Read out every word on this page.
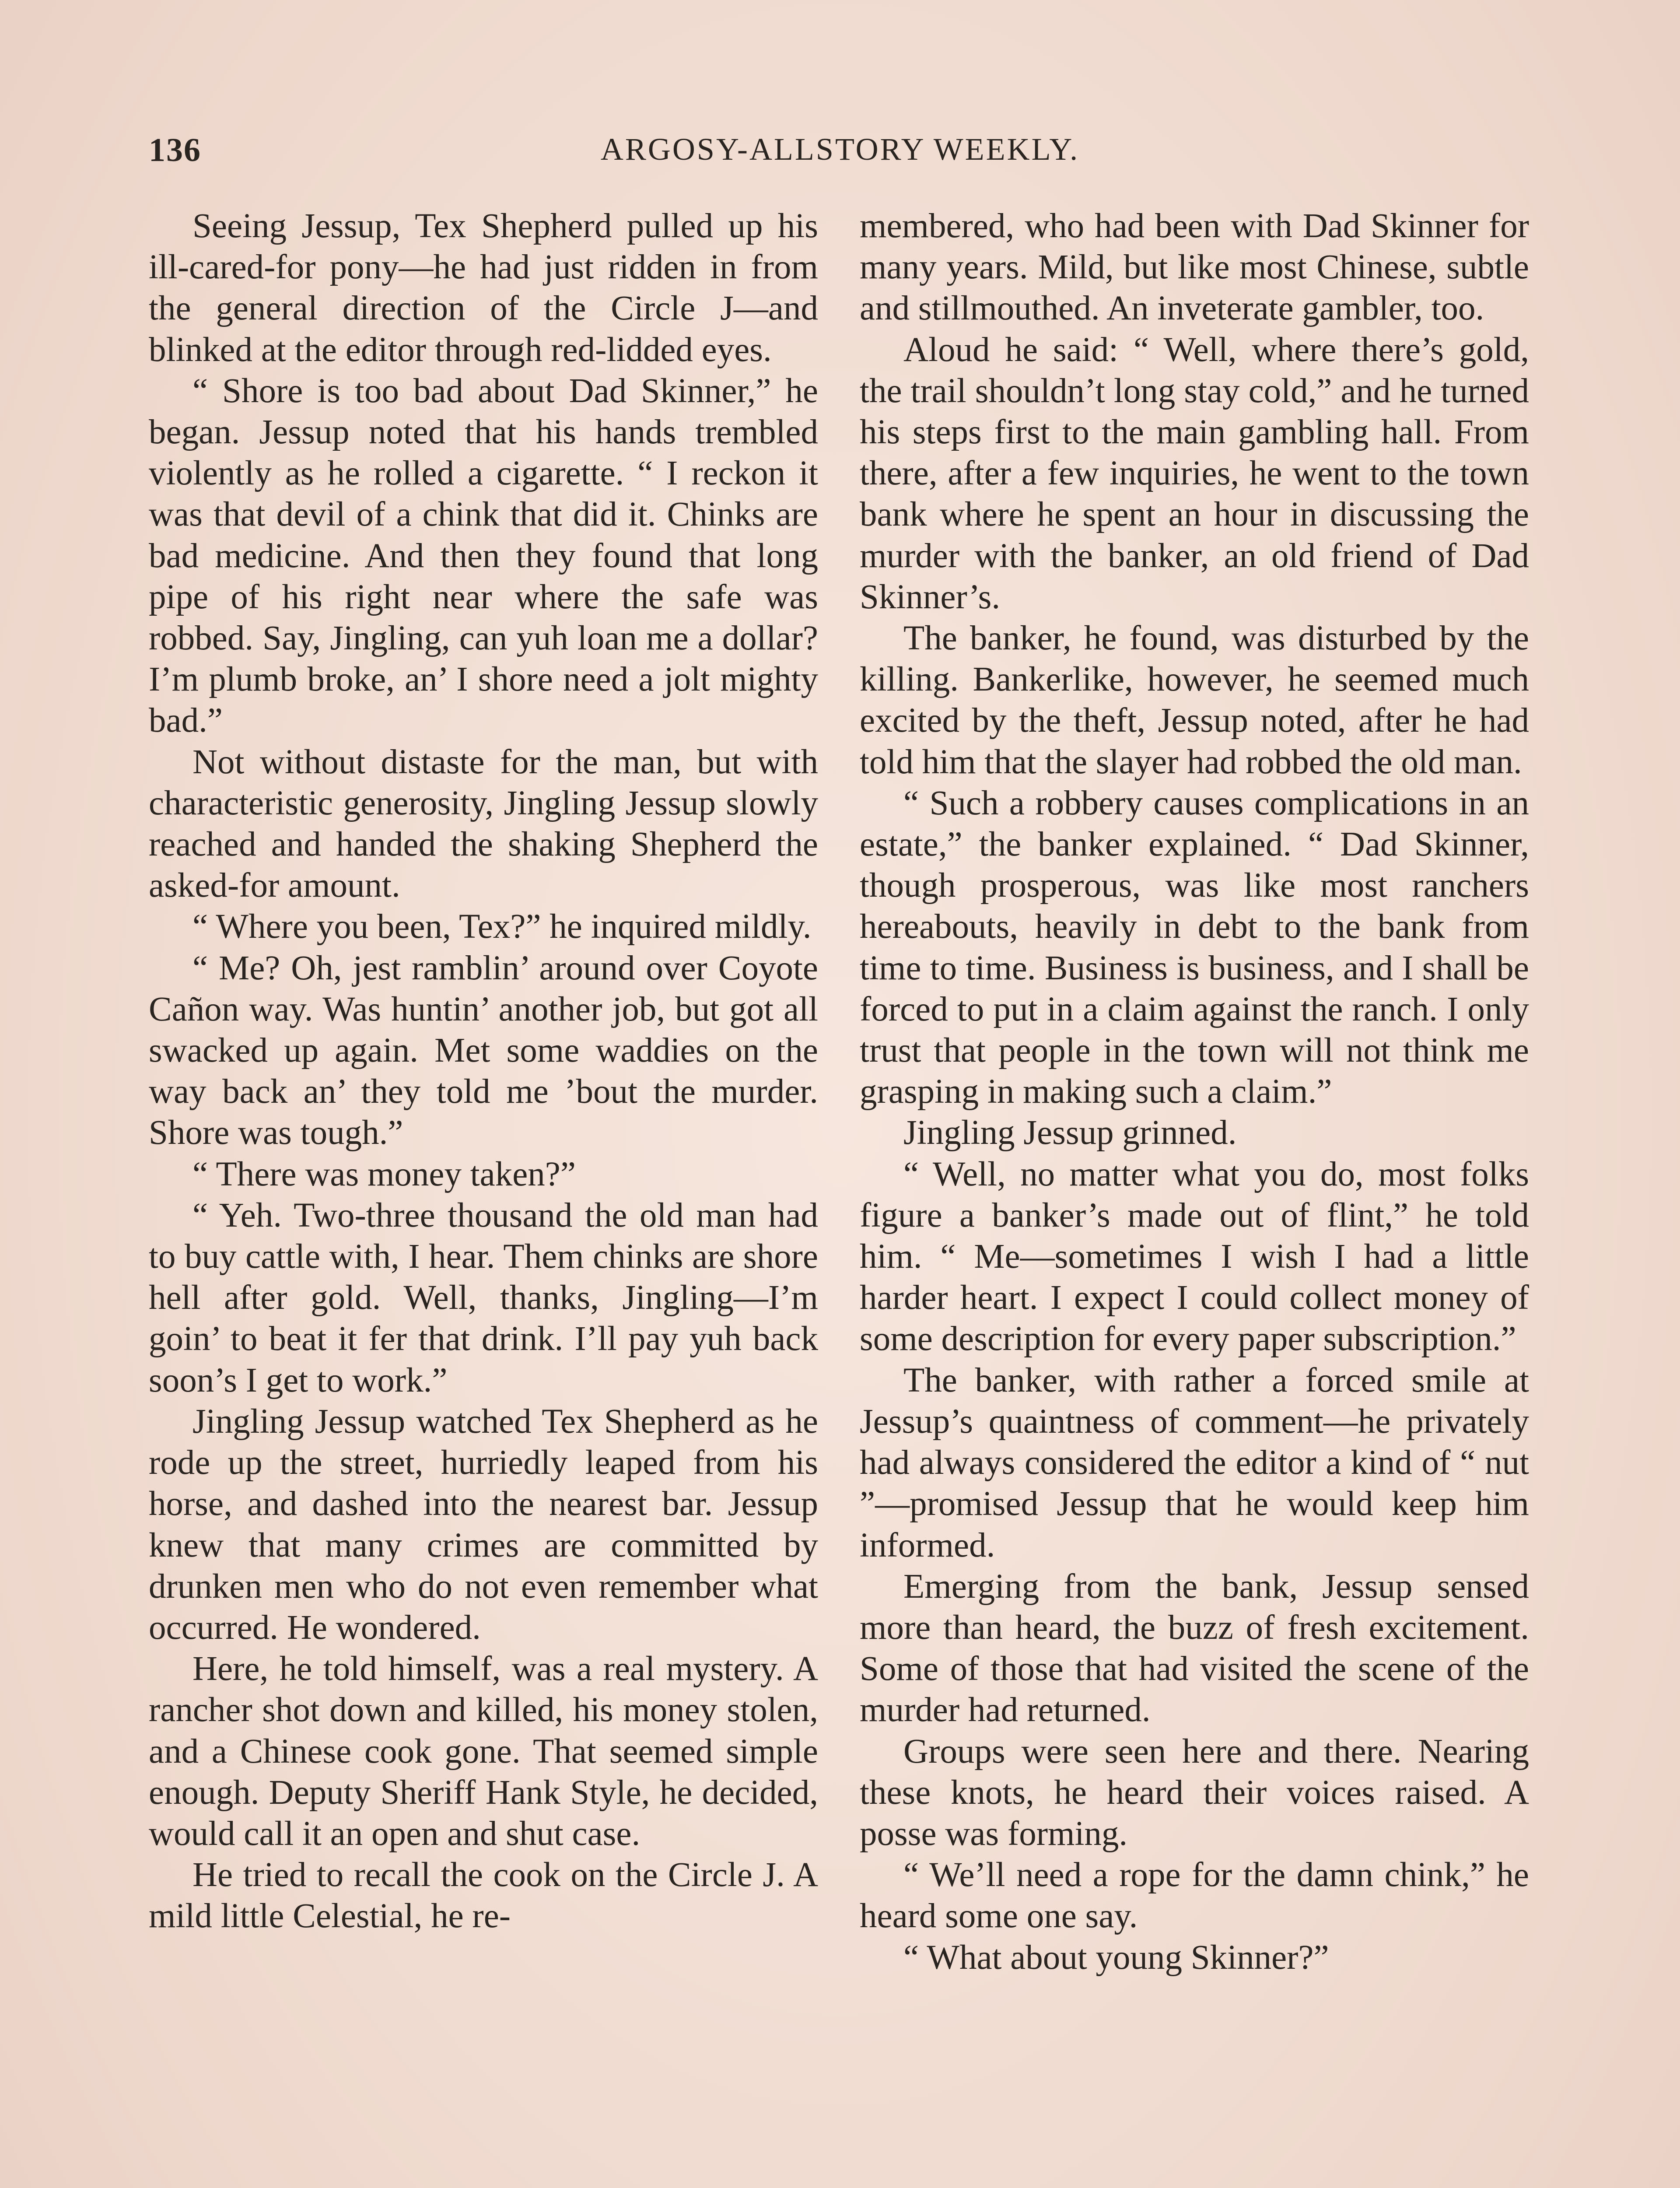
136	ARGOSY-ALLSTORY WEEKLY.

Seeing Jessup, Tex Shepherd pulled up his ill-cared-for pony—he had just ridden in from the general direction of the Circle J—and blinked at the editor through red-lidded eyes.

“ Shore is too bad about Dad Skinner,” he began. Jessup noted that his hands trembled violently as he rolled a cigarette. “ I reckon it was that devil of a chink that did it. Chinks are bad medicine. And then they found that long pipe of his right near where the safe was robbed. Say, Jingling, can yuh loan me a dollar? I’m plumb broke, an’ I shore need a jolt mighty bad.”

Not without distaste for the man, but with characteristic generosity, Jingling Jessup slowly reached and handed the shaking Shepherd the asked-for amount.

“ Where you been, Tex?” he inquired mildly.

“ Me? Oh, jest ramblin’ around over Coyote Cañon way. Was huntin’ another job, but got all swacked up again. Met some waddies on the way back an’ they told me ’bout the murder. Shore was tough.”

“ There was money taken?”

“ Yeh. Two-three thousand the old man had to buy cattle with, I hear. Them chinks are shore hell after gold. Well, thanks, Jingling—I’m goin’ to beat it fer that drink. I’ll pay yuh back soon’s I get to work.”

Jingling Jessup watched Tex Shepherd as he rode up the street, hurriedly leaped from his horse, and dashed into the nearest bar. Jessup knew that many crimes are committed by drunken men who do not even remember what occurred. He wondered.

Here, he told himself, was a real mystery. A rancher shot down and killed, his money stolen, and a Chinese cook gone. That seemed simple enough. Deputy Sheriff Hank Style, he decided, would call it an open and shut case.

He tried to recall the cook on the Circle J. A mild little Celestial, he re-

membered, who had been with Dad Skinner for many years. Mild, but like most Chinese, subtle and stillmouthed. An inveterate gambler, too.

Aloud he said: “ Well, where there’s gold, the trail shouldn’t long stay cold,” and he turned his steps first to the main gambling hall. From there, after a few inquiries, he went to the town bank where he spent an hour in discussing the murder with the banker, an old friend of Dad Skinner’s.

The banker, he found, was disturbed by the killing. Bankerlike, however, he seemed much excited by the theft, Jessup noted, after he had told him that the slayer had robbed the old man.

“ Such a robbery causes complications in an estate,” the banker explained. “ Dad Skinner, though prosperous, was like most ranchers hereabouts, heavily in debt to the bank from time to time. Business is business, and I shall be forced to put in a claim against the ranch. I only trust that people in the town will not think me grasping in making such a claim.”

Jingling Jessup grinned.

“ Well, no matter what you do, most folks figure a banker’s made out of flint,” he told him. “ Me—sometimes I wish I had a little harder heart. I expect I could collect money of some description for every paper subscription.”

The banker, with rather a forced smile at Jessup’s quaintness of comment—he privately had always considered the editor a kind of “ nut ”—promised Jessup that he would keep him informed.

Emerging from the bank, Jessup sensed more than heard, the buzz of fresh excitement. Some of those that had visited the scene of the murder had returned.

Groups were seen here and there. Nearing these knots, he heard their voices raised. A posse was forming.

“ We’ll need a rope for the damn chink,” he heard some one say.

“ What about young Skinner?”
